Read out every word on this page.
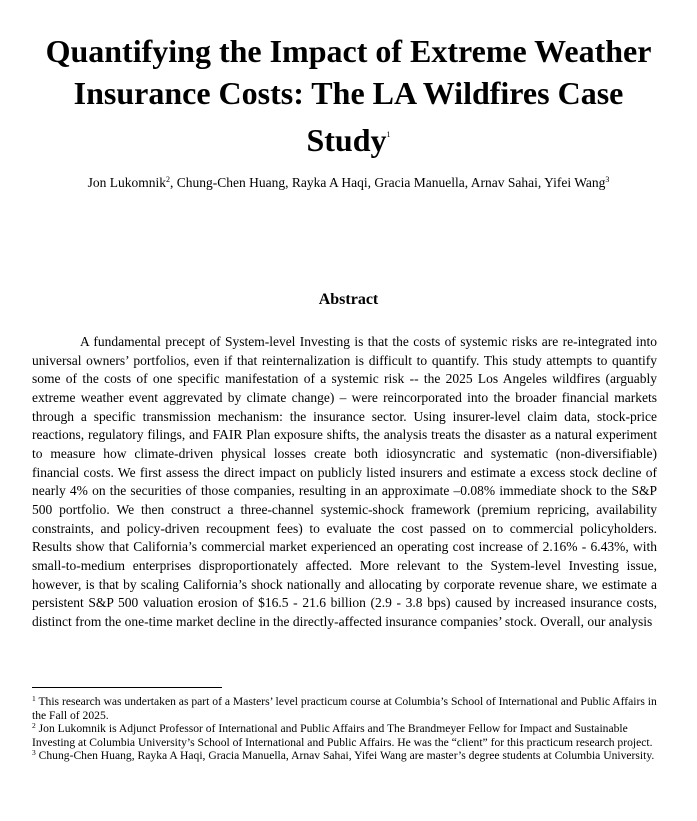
Quantifying the Impact of Extreme Weather Insurance Costs: The LA Wildfires Case Study$^1$
Jon Lukomnik$^2$, Chung-Chen Huang, Rayka A Haqi, Gracia Manuella, Arnav Sahai, Yifei Wang$^3$
Abstract

A fundamental precept of System-level Investing is that the costs of systemic risks are re-integrated into universal owners’ portfolios, even if that reinternalization is difficult to quantify. This study attempts to quantify some of the costs of one specific manifestation of a systemic risk -- the 2025 Los Angeles wildfires (arguably extreme weather event aggrevated by climate change) – were reincorporated into the broader financial markets through a specific transmission mechanism: the insurance sector. Using insurer-level claim data, stock-price reactions, regulatory filings, and FAIR Plan exposure shifts, the analysis treats the disaster as a natural experiment to measure how climate-driven physical losses create both idiosyncratic and systematic (non-diversifiable) financial costs. We first assess the direct impact on publicly listed insurers and estimate a excess stock decline of nearly 4% on the securities of those companies, resulting in an approximate –0.08% immediate shock to the S&P 500 portfolio. We then construct a three-channel systemic-shock framework (premium repricing, availability constraints, and policy-driven recoupment fees) to evaluate the cost passed on to commercial policyholders. Results show that California’s commercial market experienced an operating cost increase of 2.16% - 6.43%, with small-to-medium enterprises disproportionately affected. More relevant to the System-level Investing issue, however, is that by scaling California’s shock nationally and allocating by corporate revenue share, we estimate a persistent S&P 500 valuation erosion of $16.5 - 21.6 billion (2.9 - 3.8 bps) caused by increased insurance costs, distinct from the one-time market decline in the directly-affected insurance companies’ stock. Overall, our analysis

$^1$ This research was undertaken as part of a Masters’ level practicum course at Columbia’s School of International and Public Affairs in the Fall of 2025.

$^2$ Jon Lukomnik is Adjunct Professor of International and Public Affairs and The Brandmeyer Fellow for Impact and Sustainable Investing at Columbia University’s School of International and Public Affairs. He was the “client” for this practicum research project.

$^3$ Chung-Chen Huang, Rayka A Haqi, Gracia Manuella, Arnav Sahai, Yifei Wang are master’s degree students at Columbia University.
